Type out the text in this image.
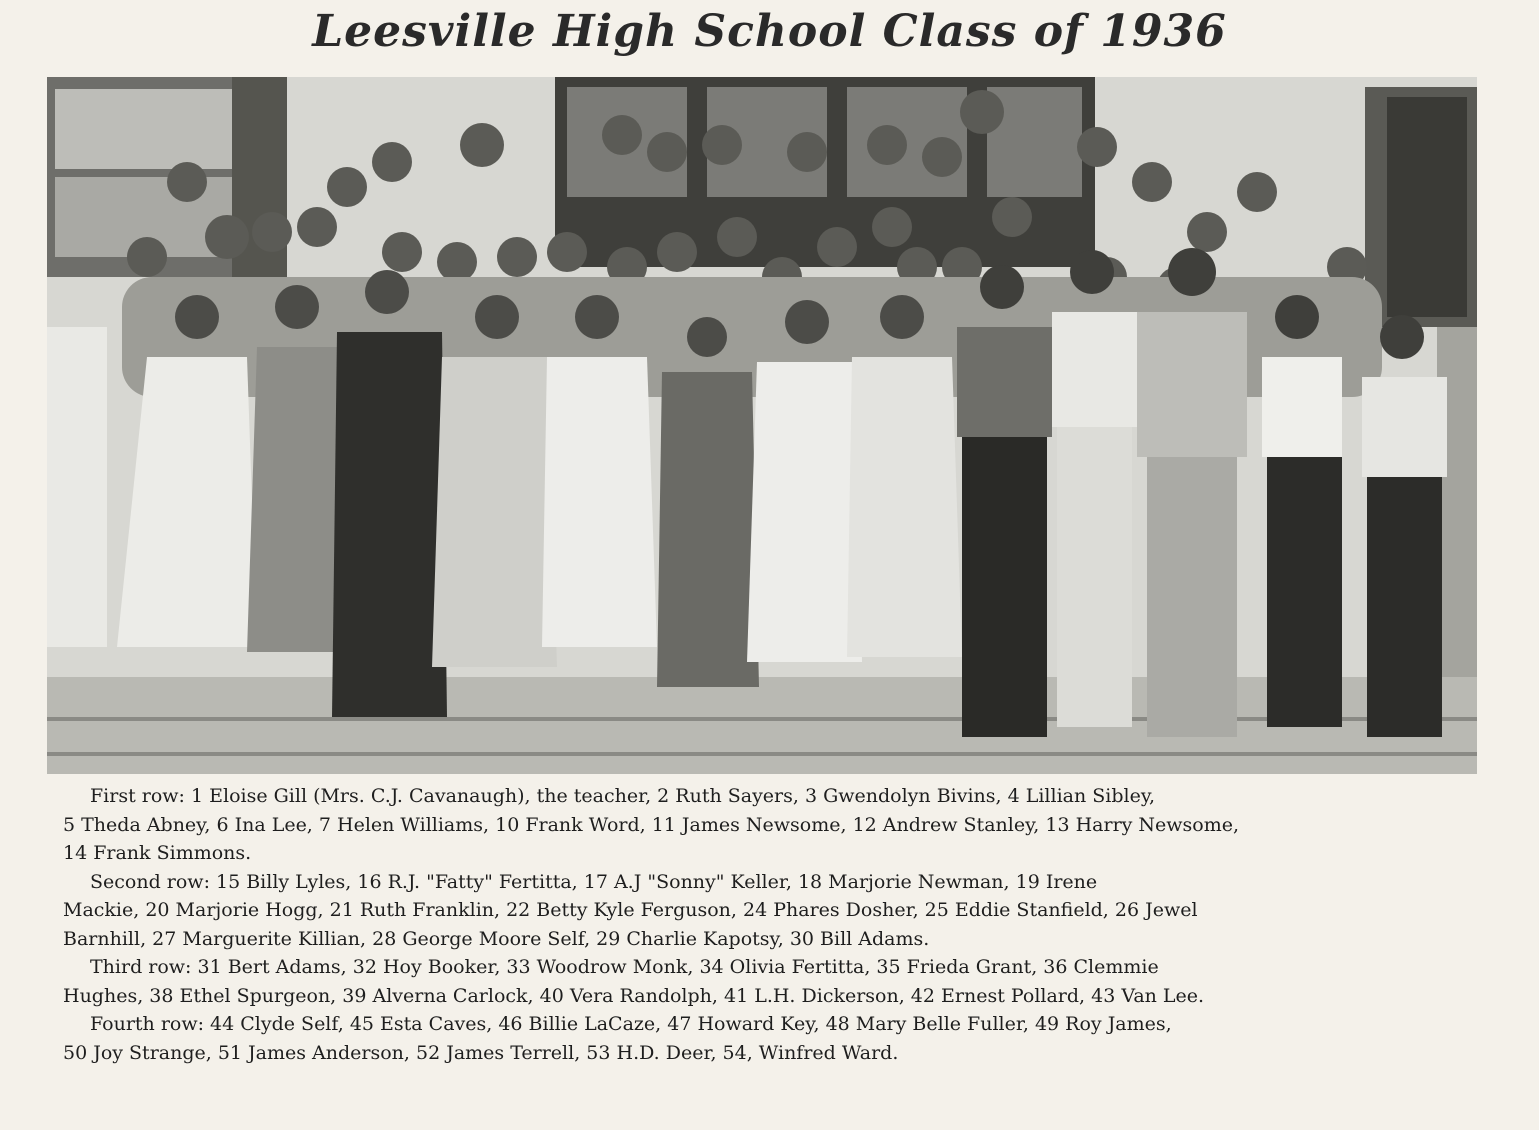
Leesville High School Class of 1936
First row: 1 Eloise Gill (Mrs. C.J. Cavanaugh), the teacher, 2 Ruth Sayers, 3 Gwendolyn Bivins, 4 Lillian Sibley,
5 Theda Abney, 6 Ina Lee, 7 Helen Williams, 10 Frank Word, 11 James Newsome, 12 Andrew Stanley, 13 Harry Newsome,
14 Frank Simmons.
Second row: 15 Billy Lyles, 16 R.J. "Fatty" Fertitta, 17 A.J "Sonny" Keller, 18 Marjorie Newman, 19 Irene
Mackie, 20 Marjorie Hogg, 21 Ruth Franklin, 22 Betty Kyle Ferguson, 24 Phares Dosher, 25 Eddie Stanfield, 26 Jewel
Barnhill, 27 Marguerite Killian, 28 George Moore Self, 29 Charlie Kapotsy, 30 Bill Adams.
Third row: 31 Bert Adams, 32 Hoy Booker, 33 Woodrow Monk, 34 Olivia Fertitta, 35 Frieda Grant, 36 Clemmie
Hughes, 38 Ethel Spurgeon, 39 Alverna Carlock, 40 Vera Randolph, 41 L.H. Dickerson, 42 Ernest Pollard, 43 Van Lee.
Fourth row: 44 Clyde Self, 45 Esta Caves, 46 Billie LaCaze, 47 Howard Key, 48 Mary Belle Fuller, 49 Roy James,
50 Joy Strange, 51 James Anderson, 52 James Terrell, 53 H.D. Deer, 54, Winfred Ward.
